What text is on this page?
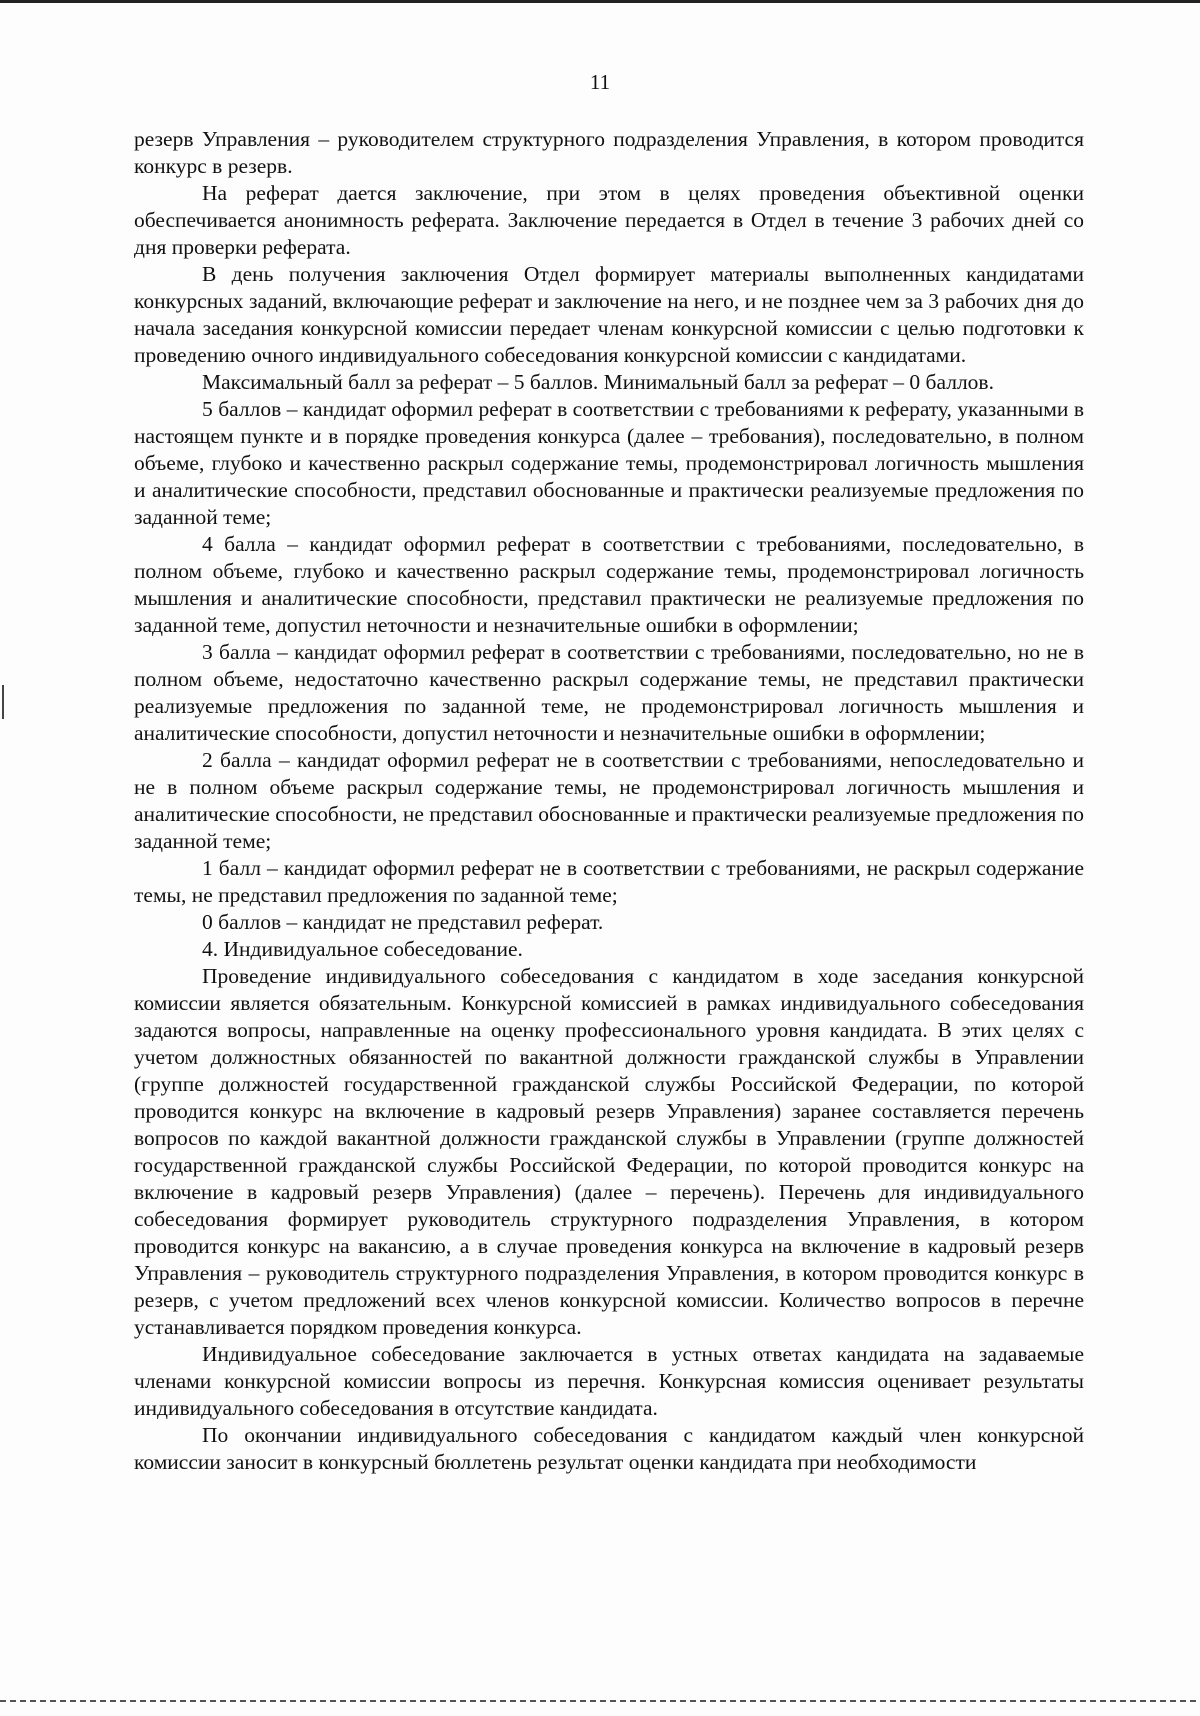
11

резерв Управления – руководителем структурного подразделения Управления, в котором проводится конкурс в резерв.

На реферат дается заключение, при этом в целях проведения объективной оценки обеспечивается анонимность реферата. Заключение передается в Отдел в течение 3 рабочих дней со дня проверки реферата.

В день получения заключения Отдел формирует материалы выполненных кандидатами конкурсных заданий, включающие реферат и заключение на него, и не позднее чем за 3 рабочих дня до начала заседания конкурсной комиссии передает членам конкурсной комиссии с целью подготовки к проведению очного индивидуального собеседования конкурсной комиссии с кандидатами.

Максимальный балл за реферат – 5 баллов. Минимальный балл за реферат – 0 баллов.

5 баллов – кандидат оформил реферат в соответствии с требованиями к реферату, указанными в настоящем пункте и в порядке проведения конкурса (далее – требования), последовательно, в полном объеме, глубоко и качественно раскрыл содержание темы, продемонстрировал логичность мышления и аналитические способности, представил обоснованные и практически реализуемые предложения по заданной теме;

4 балла – кандидат оформил реферат в соответствии с требованиями, последовательно, в полном объеме, глубоко и качественно раскрыл содержание темы, продемонстрировал логичность мышления и аналитические способности, представил практически не реализуемые предложения по заданной теме, допустил неточности и незначительные ошибки в оформлении;

3 балла – кандидат оформил реферат в соответствии с требованиями, последовательно, но не в полном объеме, недостаточно качественно раскрыл содержание темы, не представил практически реализуемые предложения по заданной теме, не продемонстрировал логичность мышления и аналитические способности, допустил неточности и незначительные ошибки в оформлении;

2 балла – кандидат оформил реферат не в соответствии с требованиями, непоследовательно и не в полном объеме раскрыл содержание темы, не продемонстрировал логичность мышления и аналитические способности, не представил обоснованные и практически реализуемые предложения по заданной теме;

1 балл – кандидат оформил реферат не в соответствии с требованиями, не раскрыл содержание темы, не представил предложения по заданной теме;

0 баллов – кандидат не представил реферат.

4. Индивидуальное собеседование.

Проведение индивидуального собеседования с кандидатом в ходе заседания конкурсной комиссии является обязательным. Конкурсной комиссией в рамках индивидуального собеседования задаются вопросы, направленные на оценку профессионального уровня кандидата. В этих целях с учетом должностных обязанностей по вакантной должности гражданской службы в Управлении (группе должностей государственной гражданской службы Российской Федерации, по которой проводится конкурс на включение в кадровый резерв Управления) заранее составляется перечень вопросов по каждой вакантной должности гражданской службы в Управлении (группе должностей государственной гражданской службы Российской Федерации, по которой проводится конкурс на включение в кадровый резерв Управления) (далее – перечень). Перечень для индивидуального собеседования формирует руководитель структурного подразделения Управления, в котором проводится конкурс на вакансию, а в случае проведения конкурса на включение в кадровый резерв Управления – руководитель структурного подразделения Управления, в котором проводится конкурс в резерв, с учетом предложений всех членов конкурсной комиссии. Количество вопросов в перечне устанавливается порядком проведения конкурса.

Индивидуальное собеседование заключается в устных ответах кандидата на задаваемые членами конкурсной комиссии вопросы из перечня. Конкурсная комиссия оценивает результаты индивидуального собеседования в отсутствие кандидата.

По окончании индивидуального собеседования с кандидатом каждый член конкурсной комиссии заносит в конкурсный бюллетень результат оценки кандидата при необходимости
